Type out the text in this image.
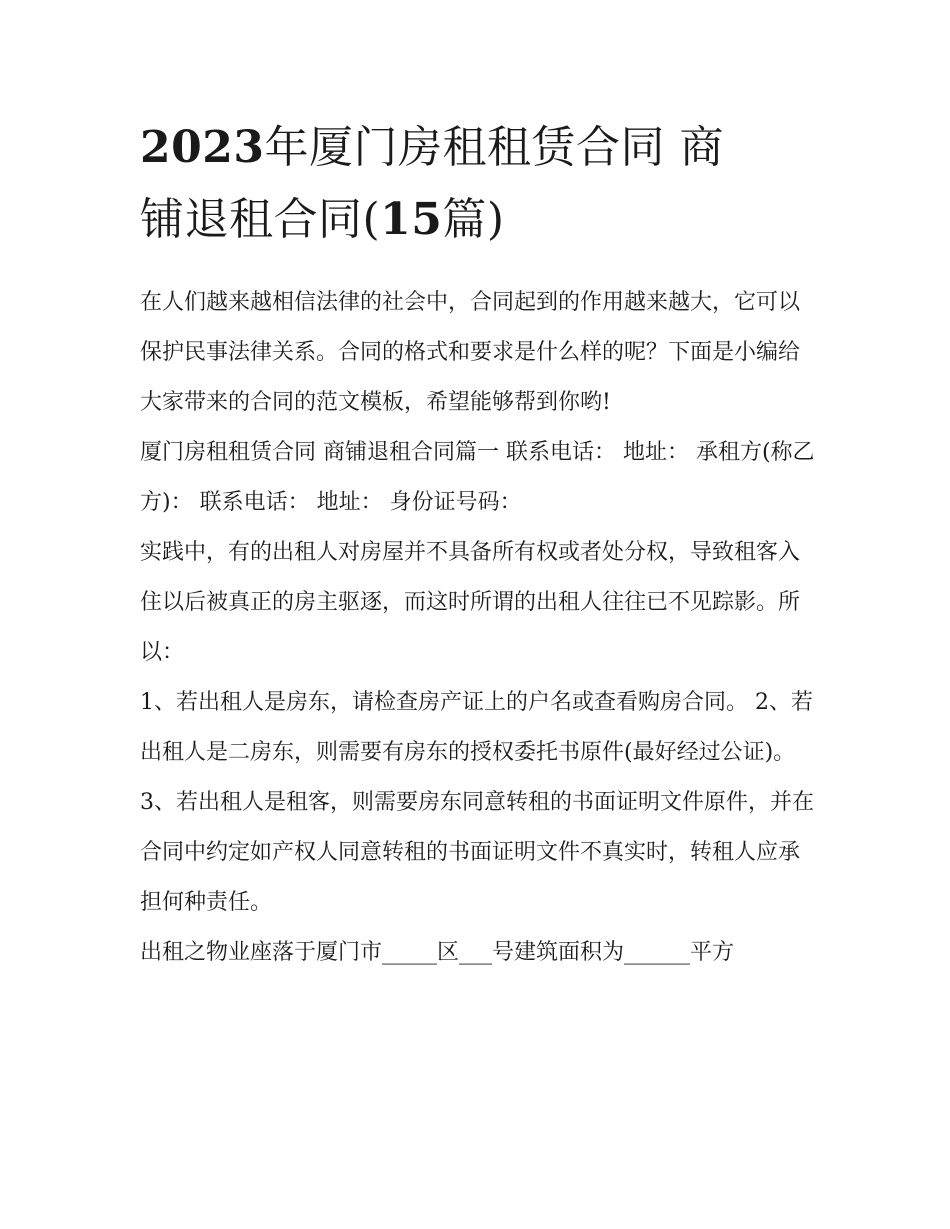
2023年厦门房租租赁合同 商
铺退租合同(15篇)

在人们越来越相信法律的社会中，合同起到的作用越来越大，它可以保护民事法律关系。合同的格式和要求是什么样的呢？下面是小编给大家带来的合同的范文模板，希望能够帮到你哟!

厦门房租租赁合同 商铺退租合同篇一 联系电话： 地址： 承租方(称乙方)： 联系电话： 地址： 身份证号码：

实践中，有的出租人对房屋并不具备所有权或者处分权，导致租客入住以后被真正的房主驱逐，而这时所谓的出租人往往已不见踪影。所以：

1、若出租人是房东，请检查房产证上的户名或查看购房合同。 2、若出租人是二房东，则需要有房东的授权委托书原件(最好经过公证)。

3、若出租人是租客，则需要房东同意转租的书面证明文件原件，并在合同中约定如产权人同意转租的书面证明文件不真实时，转租人应承担何种责任。

出租之物业座落于厦门市_____区___号建筑面积为______平方
